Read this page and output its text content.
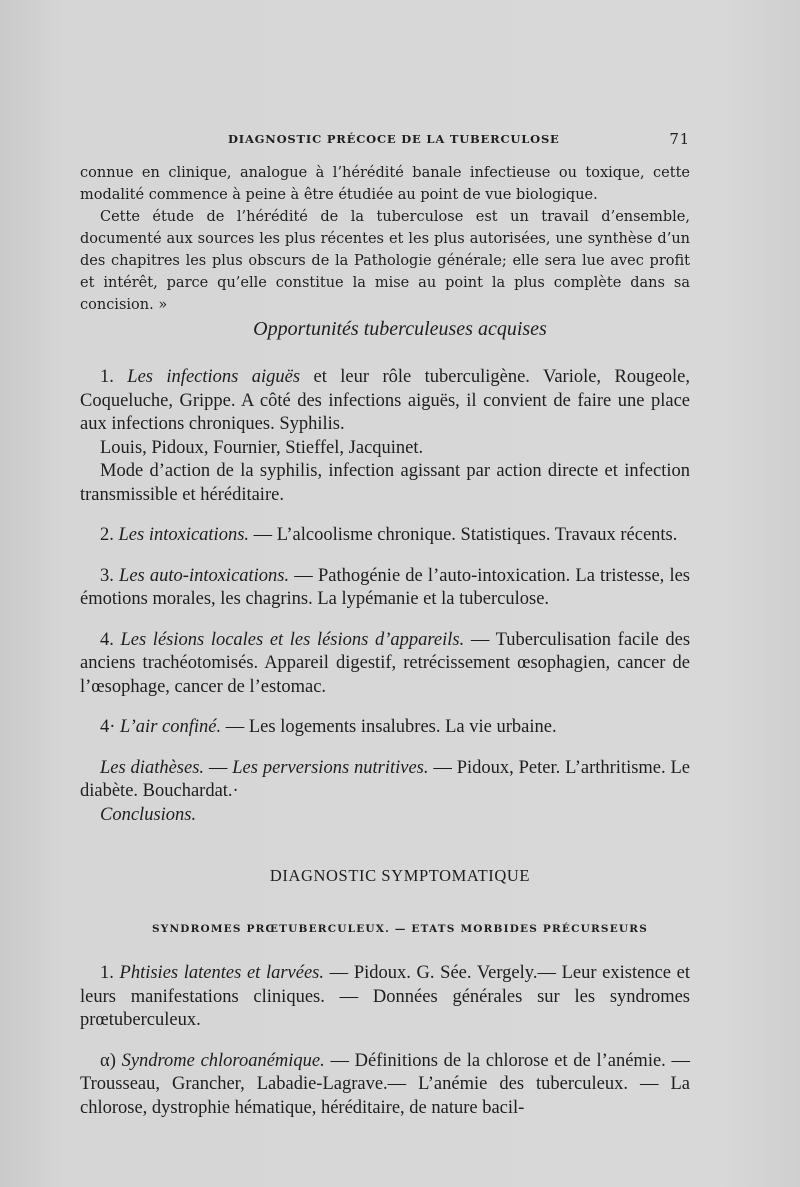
DIAGNOSTIC PRÉCOCE DE LA TUBERCULOSE	71

connue en clinique, analogue à l’hérédité banale infectieuse ou toxique, cette modalité commence à peine à être étudiée au point de vue biologique.

Cette étude de l’hérédité de la tuberculose est un travail d’ensemble, documenté aux sources les plus récentes et les plus autorisées, une synthèse d’un des chapitres les plus obscurs de la Pathologie générale; elle sera lue avec profit et intérêt, parce qu’elle constitue la mise au point la plus complète dans sa concision. »

Opportunités tuberculeuses acquises

1. Les infections aiguës et leur rôle tuberculigène. Variole, Rougeole, Coqueluche, Grippe. A côté des infections aiguës, il convient de faire une place aux infections chroniques. Syphilis.

Louis, Pidoux, Fournier, Stieffel, Jacquinet.

Mode d’action de la syphilis, infection agissant par action directe et infection transmissible et héréditaire.

2. Les intoxications. — L’alcoolisme chronique. Statistiques. Travaux récents.

3. Les auto-intoxications. — Pathogénie de l’auto-intoxication. La tristesse, les émotions morales, les chagrins. La lypémanie et la tuberculose.

4. Les lésions locales et les lésions d’appareils. — Tuberculisation facile des anciens trachéotomisés. Appareil digestif, retrécissement œsophagien, cancer de l’œsophage, cancer de l’estomac.

4· L’air confiné. — Les logements insalubres. La vie urbaine.

Les diathèses. — Les perversions nutritives. — Pidoux, Peter. L’arthritisme. Le diabète. Bouchardat.·

Conclusions.

DIAGNOSTIC SYMPTOMATIQUE
SYNDROMES PRŒTUBERCULEUX. — ETATS MORBIDES PRÉCURSEURS

1. Phtisies latentes et larvées. — Pidoux. G. Sée. Vergely.— Leur existence et leurs manifestations cliniques. — Données générales sur les syndromes prœtuberculeux.

α) Syndrome chloroanémique. — Définitions de la chlorose et de l’anémie. — Trousseau, Grancher, Labadie-Lagrave.— L’anémie des tuberculeux. — La chlorose, dystrophie hématique, héréditaire, de nature bacil-
